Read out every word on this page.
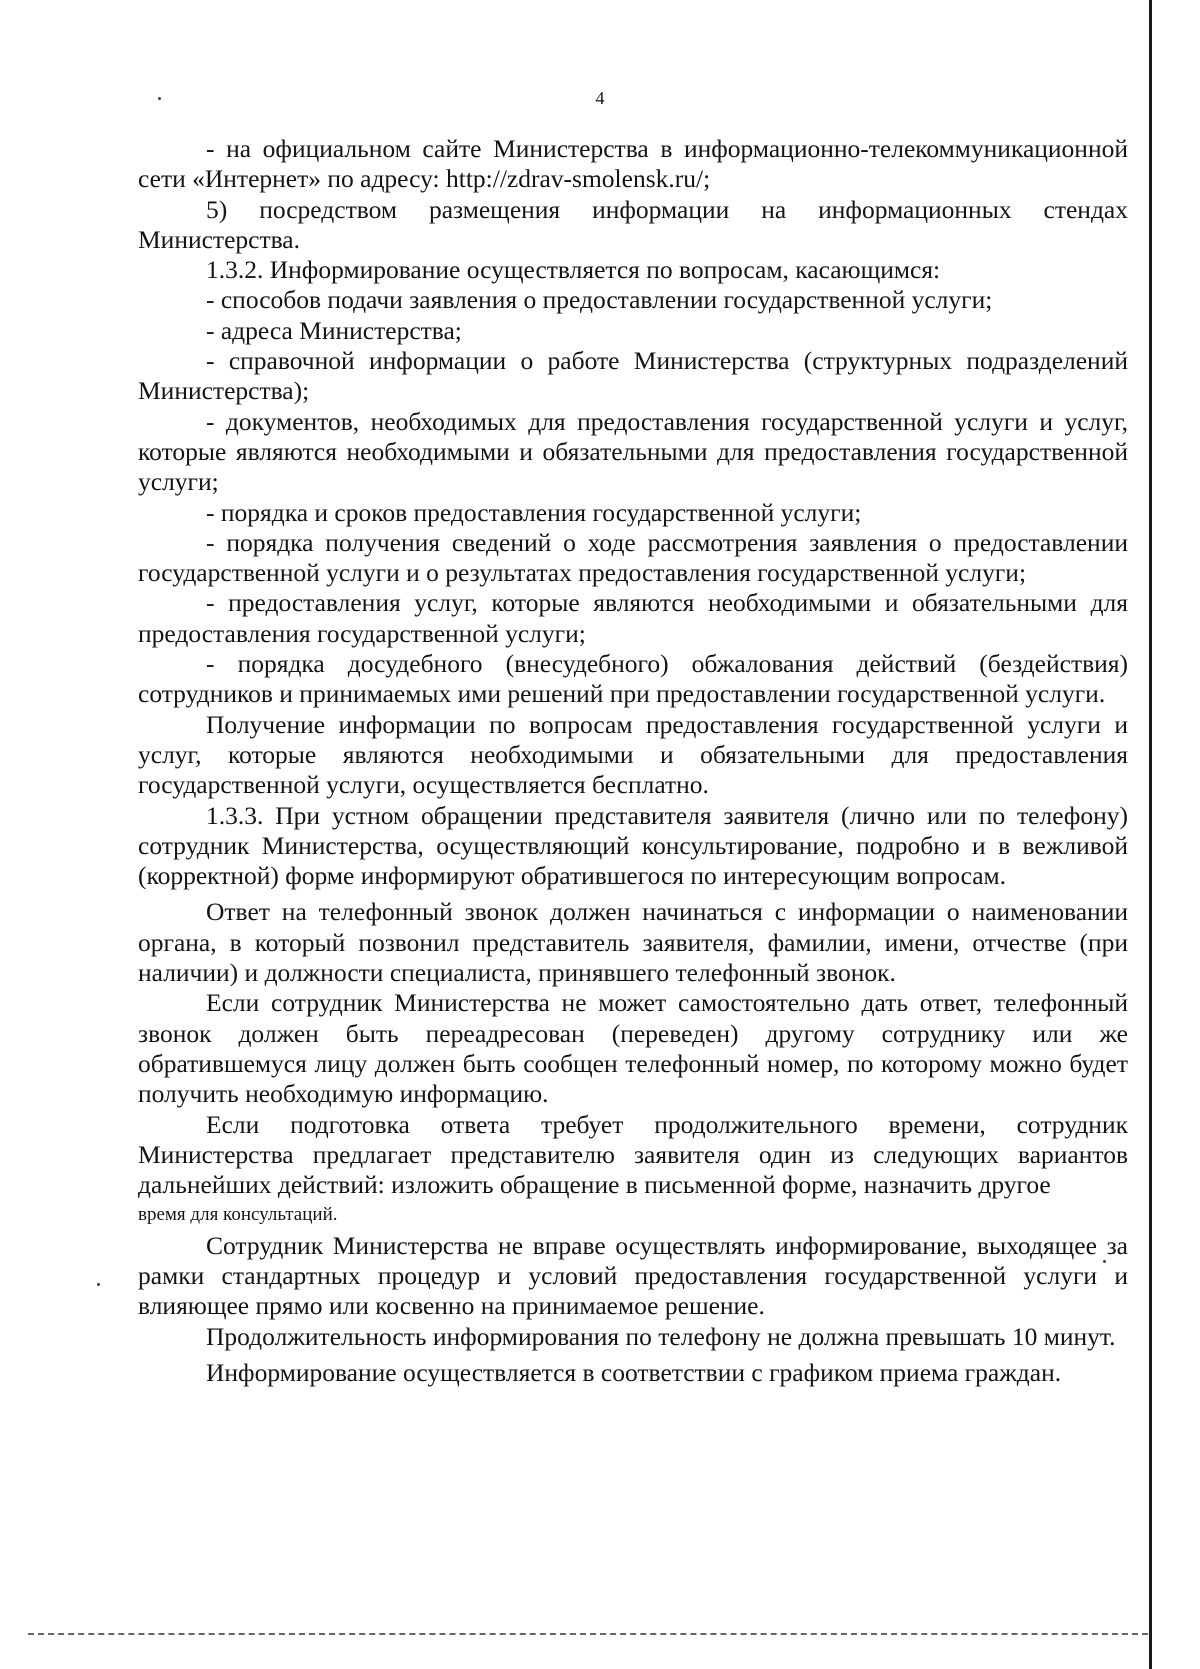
4

- на официальном сайте Министерства в информационно-телекоммуникационной сети «Интернет» по адресу: http://zdrav-smolensk.ru/;

5) посредством размещения информации на информационных стендах Министерства.

1.3.2. Информирование осуществляется по вопросам, касающимся:

- способов подачи заявления о предоставлении государственной услуги;

- адреса Министерства;

- справочной информации о работе Министерства (структурных подразделений Министерства);

- документов, необходимых для предоставления государственной услуги и услуг, которые являются необходимыми и обязательными для предоставления государственной услуги;

- порядка и сроков предоставления государственной услуги;

- порядка получения сведений о ходе рассмотрения заявления о предоставлении государственной услуги и о результатах предоставления государственной услуги;

- предоставления услуг, которые являются необходимыми и обязательными для предоставления государственной услуги;

- порядка досудебного (внесудебного) обжалования действий (бездействия) сотрудников и принимаемых ими решений при предоставлении государственной услуги.

Получение информации по вопросам предоставления государственной услуги и услуг, которые являются необходимыми и обязательными для предоставления государственной услуги, осуществляется бесплатно.

1.3.3. При устном обращении представителя заявителя (лично или по телефону) сотрудник Министерства, осуществляющий консультирование, подробно и в вежливой (корректной) форме информируют обратившегося по интересующим вопросам.

Ответ на телефонный звонок должен начинаться с информации о наименовании органа, в который позвонил представитель заявителя, фамилии, имени, отчестве (при наличии) и должности специалиста, принявшего телефонный звонок.

Если сотрудник Министерства не может самостоятельно дать ответ, телефонный звонок должен быть переадресован (переведен) другому сотруднику или же обратившемуся лицу должен быть сообщен телефонный номер, по которому можно будет получить необходимую информацию.

Если подготовка ответа требует продолжительного времени, сотрудник Министерства предлагает представителю заявителя один из следующих вариантов дальнейших действий: изложить обращение в письменной форме, назначить другое

время для консультаций.

Сотрудник Министерства не вправе осуществлять информирование, выходящее за рамки стандартных процедур и условий предоставления государственной услуги и влияющее прямо или косвенно на принимаемое решение.

Продолжительность информирования по телефону не должна превышать 10 минут.

Информирование осуществляется в соответствии с графиком приема граждан.
